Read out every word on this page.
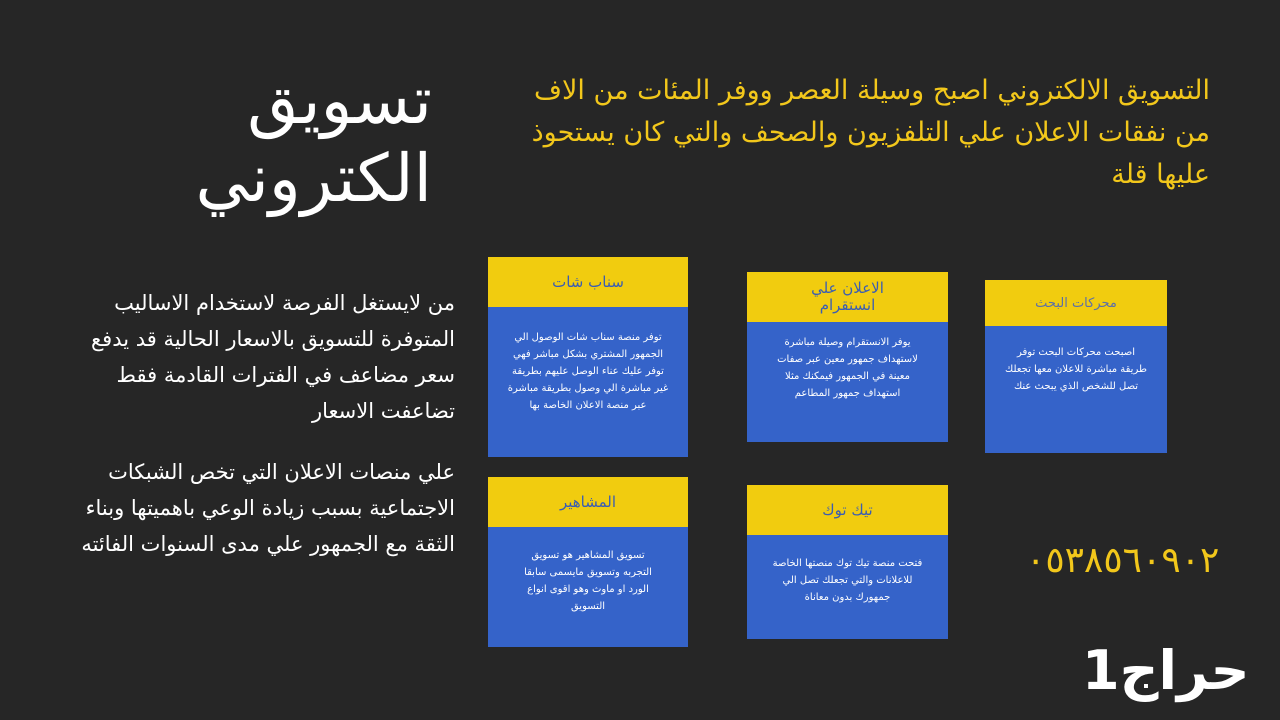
تسويق
الكتروني
التسويق الالكتروني اصبح وسيلة العصر ووفر المئات من الاف من نفقات الاعلان علي التلفزيون والصحف والتي كان يستحوذ عليها قلة
من لايستغل الفرصة لاستخدام الاساليب المتوفرة للتسويق بالاسعار الحالية قد يدفع سعر مضاعف في الفترات القادمة فقط تضاعفت الاسعار
علي منصات الاعلان التي تخص الشبكات الاجتماعية بسبب زيادة الوعي باهميتها وبناء الثقة مع الجمهور علي مدى السنوات الفائته
سناب شات
توفر منصة سناب شات الوصول الي الجمهور المشتري بشكل مباشر فهي توفر عليك عناء الوصل عليهم بطريقة غير مباشرة الي وصول بطريقة مباشرة عبر منصة الاعلان الخاصة بها
الاعلان علي انستقرام
يوفر الانستقرام وصيلة مباشرة لاستهداف جمهور معين عبر صفات معينة في الجمهور فيمكنك مثلا استهداف جمهور المطاعم
محركات البحث
اصبحت محركات البحث توفر طريقة مباشرة للاعلان معها تجعلك تصل للشخص الذي يبحث عنك
المشاهير
تسويق المشاهير هو تسويق التجربه وتسويق مايسمى سابقا الورد او ماوث وهو اقوى انواع التسويق
تيك توك
فتحت منصة تيك توك منصتها الخاصة للاعلانات والتي تجعلك تصل الي جمهورك بدون معاناة
٠٥٣٨٥٦٠٩٠٢
حراج1
